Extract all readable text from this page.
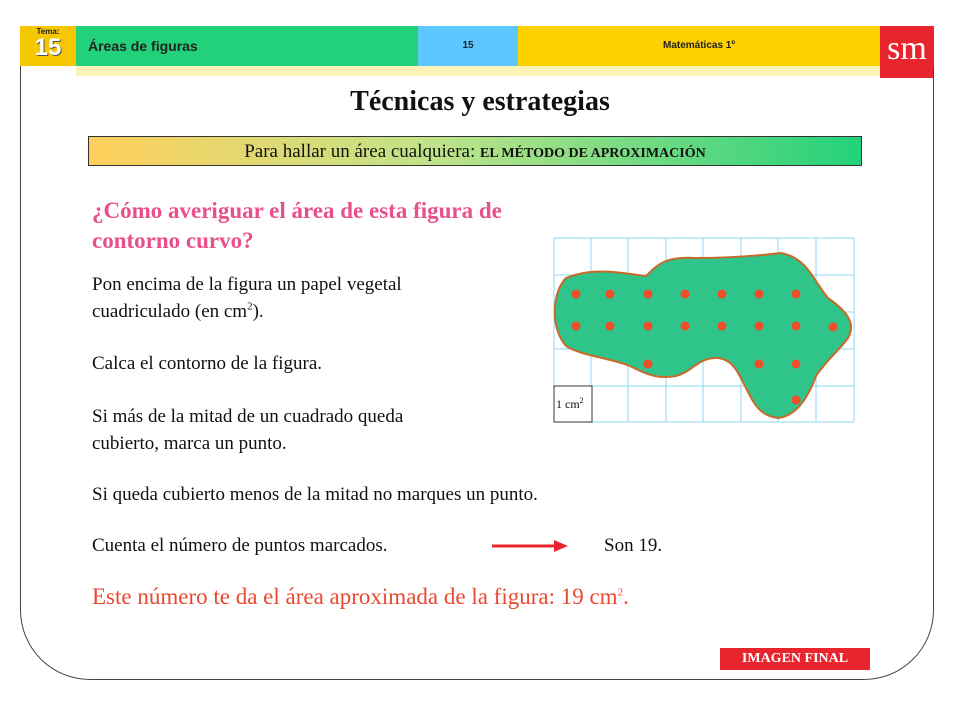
Tema:
15	Áreas de figuras	15	Matemáticas 1º	sm
Técnicas y estrategias
Para hallar un área cualquiera: EL MÉTODO DE APROXIMACIÓN
¿Cómo averiguar el área de esta figura de contorno curvo?
Pon encima de la figura un papel vegetal cuadriculado (en $cm^2$).
Calca el contorno de la figura.
Si más de la mitad de un cuadrado queda cubierto, marca un punto.
Si queda cubierto menos de la mitad no marques un punto.
Cuenta el número de puntos marcados.	Son 19.
1 $cm^2$
Este número te da el área aproximada de la figura: 19 $cm^2$.
IMAGEN FINAL
